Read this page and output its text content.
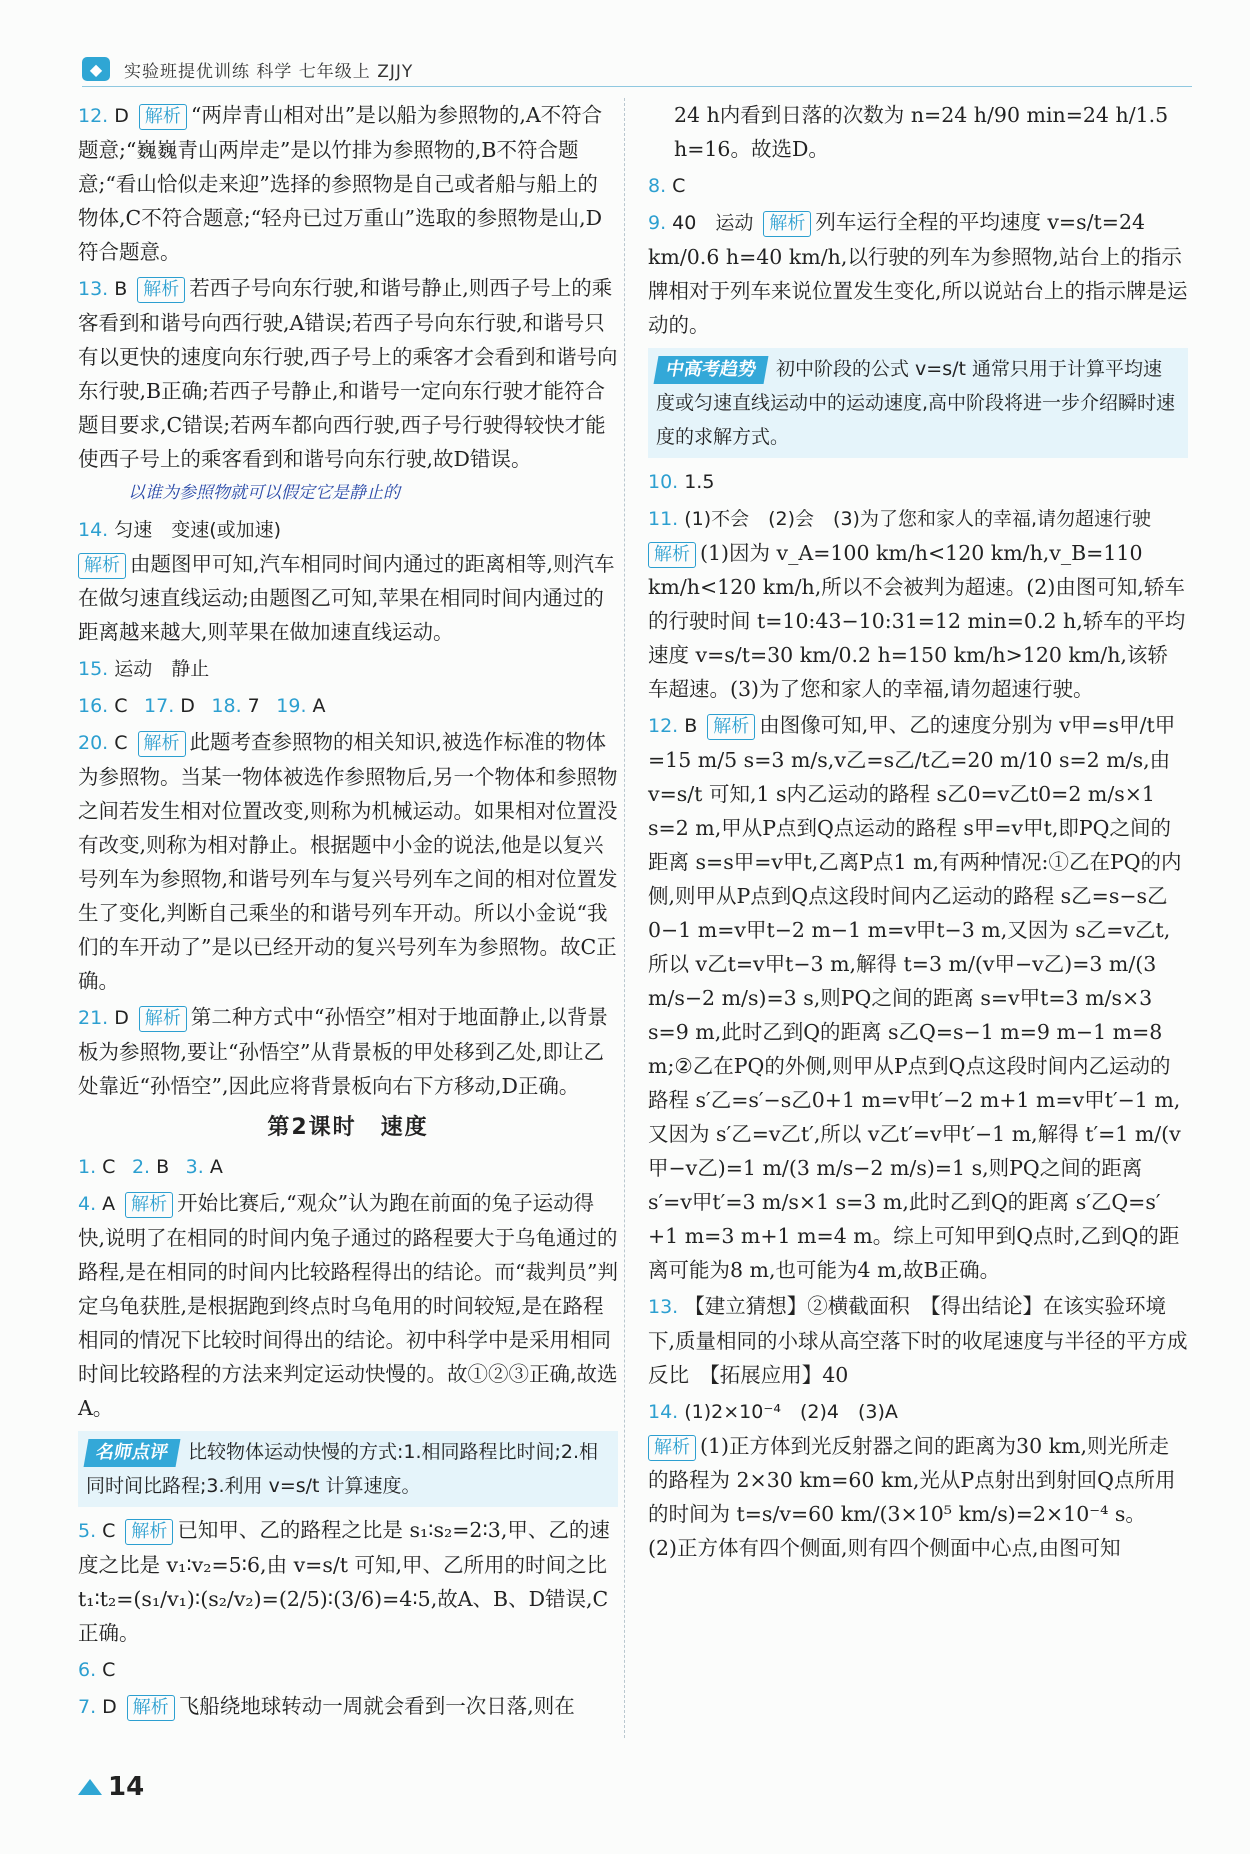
◆	实验班提优训练 科学 七年级上 ZJJY
12. D 解析 “两岸青山相对出”是以船为参照物的,A不符合题意;“巍巍青山两岸走”是以竹排为参照物的,B不符合题意;“看山恰似走来迎”选择的参照物是自己或者船与船上的物体,C不符合题意;“轻舟已过万重山”选取的参照物是山,D符合题意。
13. B 解析 若西子号向东行驶,和谐号静止,则西子号上的乘客看到和谐号向西行驶,A错误;若西子号向东行驶,和谐号只有以更快的速度向东行驶,西子号上的乘客才会看到和谐号向东行驶,B正确;若西子号静止,和谐号一定向东行驶才能符合题目要求,C错误;若两车都向西行驶,西子号行驶得较快才能使西子号上的乘客看到和谐号向东行驶,故D错误。
以谁为参照物就可以假定它是静止的
14. 匀速　变速(或加速)
解析 由题图甲可知,汽车相同时间内通过的距离相等,则汽车在做匀速直线运动;由题图乙可知,苹果在相同时间内通过的距离越来越大,则苹果在做加速直线运动。
15. 运动　静止
16. C 17. D 18. 7 19. A
20. C 解析 此题考查参照物的相关知识,被选作标准的物体为参照物。当某一物体被选作参照物后,另一个物体和参照物之间若发生相对位置改变,则称为机械运动。如果相对位置没有改变,则称为相对静止。根据题中小金的说法,他是以复兴号列车为参照物,和谐号列车与复兴号列车之间的相对位置发生了变化,判断自己乘坐的和谐号列车开动。所以小金说“我们的车开动了”是以已经开动的复兴号列车为参照物。故C正确。
21. D 解析 第二种方式中“孙悟空”相对于地面静止,以背景板为参照物,要让“孙悟空”从背景板的甲处移到乙处,即让乙处靠近“孙悟空”,因此应将背景板向右下方移动,D正确。
第2课时　速度
1. C 2. B 3. A
4. A 解析 开始比赛后,“观众”认为跑在前面的兔子运动得快,说明了在相同的时间内兔子通过的路程要大于乌龟通过的路程,是在相同的时间内比较路程得出的结论。而“裁判员”判定乌龟获胜,是根据跑到终点时乌龟用的时间较短,是在路程相同的情况下比较时间得出的结论。初中科学中是采用相同时间比较路程的方法来判定运动快慢的。故①②③正确,故选A。
名师点评 比较物体运动快慢的方式:1.相同路程比时间;2.相同时间比路程;3.利用 v=s/t 计算速度。
5. C 解析 已知甲、乙的路程之比是 s₁∶s₂=2∶3,甲、乙的速度之比是 v₁∶v₂=5∶6,由 v=s/t 可知,甲、乙所用的时间之比 t₁∶t₂=(s₁/v₁)∶(s₂/v₂)=(2/5)∶(3/6)=4∶5,故A、B、D错误,C正确。
6. C
7. D 解析 飞船绕地球转动一周就会看到一次日落,则在
24 h内看到日落的次数为 n=24 h/90 min=24 h/1.5 h=16。故选D。
8. C
9. 40　运动 解析 列车运行全程的平均速度 v=s/t=24 km/0.6 h=40 km/h,以行驶的列车为参照物,站台上的指示牌相对于列车来说位置发生变化,所以说站台上的指示牌是运动的。
中高考趋势 初中阶段的公式 v=s/t 通常只用于计算平均速度或匀速直线运动中的运动速度,高中阶段将进一步介绍瞬时速度的求解方式。
10. 1.5
11. (1)不会　(2)会　(3)为了您和家人的幸福,请勿超速行驶解析 (1)因为 v_A=100 km/h<120 km/h,v_B=110 km/h<120 km/h,所以不会被判为超速。(2)由图可知,轿车的行驶时间 t=10:43−10:31=12 min=0.2 h,轿车的平均速度 v=s/t=30 km/0.2 h=150 km/h>120 km/h,该轿车超速。(3)为了您和家人的幸福,请勿超速行驶。
12. B 解析 由图像可知,甲、乙的速度分别为 v甲=s甲/t甲=15 m/5 s=3 m/s,v乙=s乙/t乙=20 m/10 s=2 m/s,由 v=s/t 可知,1 s内乙运动的路程 s乙0=v乙t0=2 m/s×1 s=2 m,甲从P点到Q点运动的路程 s甲=v甲t,即PQ之间的距离 s=s甲=v甲t,乙离P点1 m,有两种情况:①乙在PQ的内侧,则甲从P点到Q点这段时间内乙运动的路程 s乙=s−s乙0−1 m=v甲t−2 m−1 m=v甲t−3 m,又因为 s乙=v乙t,所以 v乙t=v甲t−3 m,解得 t=3 m/(v甲−v乙)=3 m/(3 m/s−2 m/s)=3 s,则PQ之间的距离 s=v甲t=3 m/s×3 s=9 m,此时乙到Q的距离 s乙Q=s−1 m=9 m−1 m=8 m;②乙在PQ的外侧,则甲从P点到Q点这段时间内乙运动的路程 s′乙=s′−s乙0+1 m=v甲t′−2 m+1 m=v甲t′−1 m,又因为 s′乙=v乙t′,所以 v乙t′=v甲t′−1 m,解得 t′=1 m/(v甲−v乙)=1 m/(3 m/s−2 m/s)=1 s,则PQ之间的距离 s′=v甲t′=3 m/s×1 s=3 m,此时乙到Q的距离 s′乙Q=s′+1 m=3 m+1 m=4 m。综上可知甲到Q点时,乙到Q的距离可能为8 m,也可能为4 m,故B正确。
13. 【建立猜想】②横截面积　【得出结论】在该实验环境下,质量相同的小球从高空落下时的收尾速度与半径的平方成反比　【拓展应用】40
14. (1)2×10⁻⁴　(2)4　(3)A
解析 (1)正方体到光反射器之间的距离为30 km,则光所走的路程为 2×30 km=60 km,光从P点射出到射回Q点所用的时间为 t=s/v=60 km/(3×10⁵ km/s)=2×10⁻⁴ s。
(2)正方体有四个侧面,则有四个侧面中心点,由图可知
14
